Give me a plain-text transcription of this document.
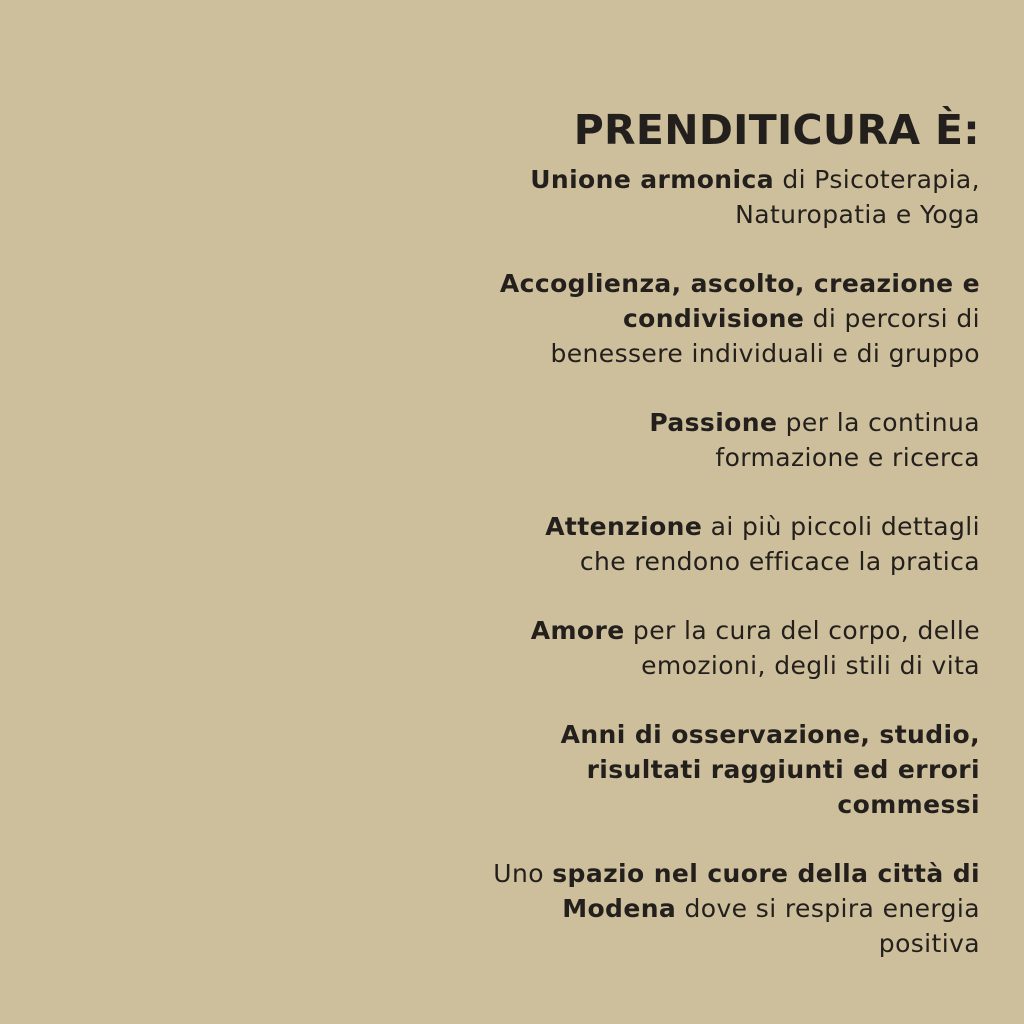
PRENDITICURA È:

Unione armonica di Psicoterapia,
Naturopatia e Yoga

Accoglienza, ascolto, creazione e
condivisione di percorsi di
benessere individuali e di gruppo

Passione per la continua
formazione e ricerca

Attenzione ai più piccoli dettagli
che rendono efficace la pratica

Amore per la cura del corpo, delle
emozioni, degli stili di vita

Anni di osservazione, studio,
risultati raggiunti ed errori
commessi

Uno spazio nel cuore della città di
Modena dove si respira energia
positiva
